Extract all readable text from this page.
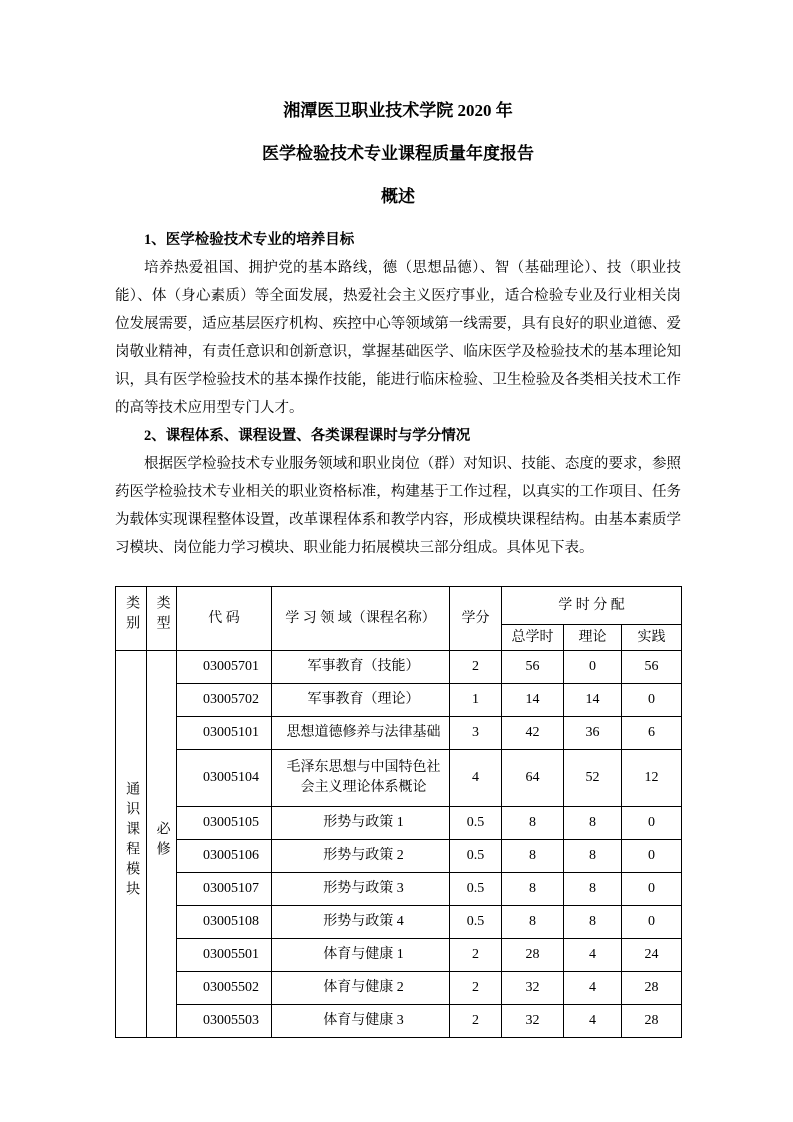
湘潭医卫职业技术学院 2020 年
医学检验技术专业课程质量年度报告
概述
1、医学检验技术专业的培养目标
培养热爱祖国、拥护党的基本路线，德（思想品德）、智（基础理论）、技（职业技能）、体（身心素质）等全面发展，热爱社会主义医疗事业，适合检验专业及行业相关岗位发展需要，适应基层医疗机构、疾控中心等领域第一线需要，具有良好的职业道德、爱岗敬业精神，有责任意识和创新意识，掌握基础医学、临床医学及检验技术的基本理论知识，具有医学检验技术的基本操作技能，能进行临床检验、卫生检验及各类相关技术工作的高等技术应用型专门人才。
2、课程体系、课程设置、各类课程课时与学分情况
根据医学检验技术专业服务领域和职业岗位（群）对知识、技能、态度的要求，参照药医学检验技术专业相关的职业资格标准，构建基于工作过程，以真实的工作项目、任务为载体实现课程整体设置，改革课程体系和教学内容，形成模块课程结构。由基本素质学习模块、岗位能力学习模块、职业能力拓展模块三部分组成。具体见下表。
类别	类型	代 码	学 习 领 域（课程名称）	学分	学 时 分 配		
					总学时	理论	实践
通识课程模块	必修	03005701	军事教育（技能）	2	56	0	56
		03005702	军事教育（理论）	1	14	14	0
		03005101	思想道德修养与法律基础	3	42	36	6
		03005104	毛泽东思想与中国特色社会主义理论体系概论	4	64	52	12
		03005105	形势与政策 1	0.5	8	8	0
		03005106	形势与政策 2	0.5	8	8	0
		03005107	形势与政策 3	0.5	8	8	0
		03005108	形势与政策 4	0.5	8	8	0
		03005501	体育与健康 1	2	28	4	24
		03005502	体育与健康 2	2	32	4	28
		03005503	体育与健康 3	2	32	4	28
